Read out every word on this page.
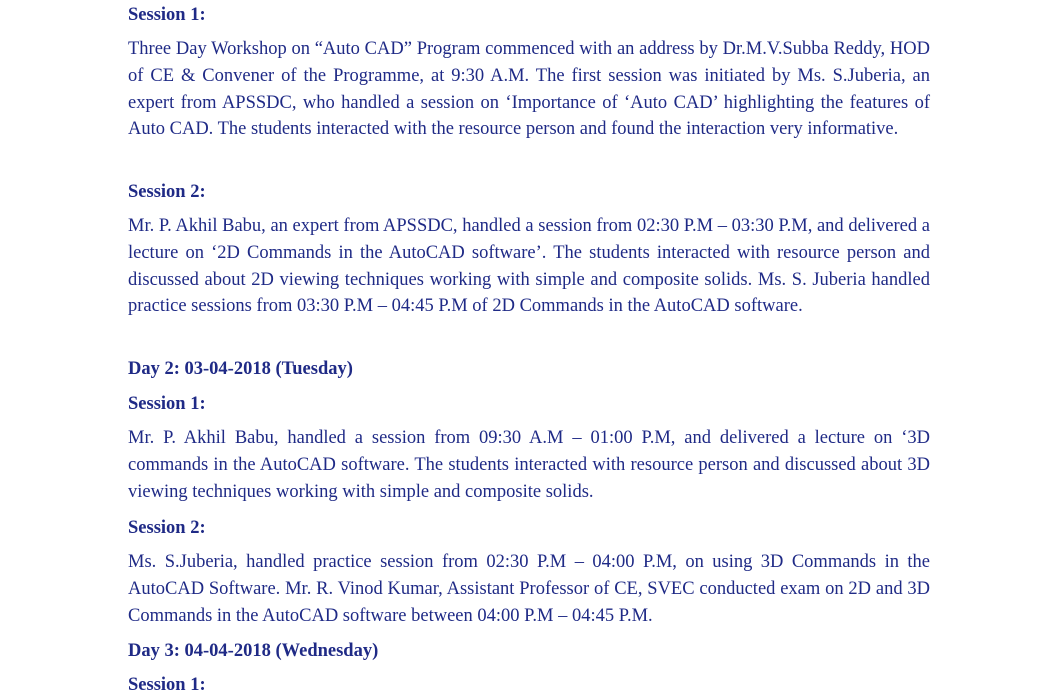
Session 1:
Three Day Workshop on “Auto CAD” Program commenced with an address by Dr.M.V.Subba Reddy, HOD of CE & Convener of the Programme, at 9:30 A.M. The first session was initiated by Ms. S.Juberia, an expert from APSSDC, who handled a session on ‘Importance of ‘Auto CAD’ highlighting the features of Auto CAD. The students interacted with the resource person and found the interaction very informative.
Session 2:
Mr. P. Akhil Babu, an expert from APSSDC, handled a session from 02:30 P.M – 03:30 P.M, and delivered a lecture on ‘2D Commands in the AutoCAD software’. The students interacted with resource person and discussed about 2D viewing techniques working with simple and composite solids. Ms. S. Juberia handled practice sessions from 03:30 P.M – 04:45 P.M of 2D Commands in the AutoCAD software.
Day 2: 03-04-2018 (Tuesday)
Session 1:
Mr. P. Akhil Babu, handled a session from 09:30 A.M – 01:00 P.M, and delivered a lecture on ‘3D commands in the AutoCAD software. The students interacted with resource person and discussed about 3D viewing techniques working with simple and composite solids.
Session 2:
Ms. S.Juberia, handled practice session from 02:30 P.M – 04:00 P.M, on using 3D Commands in the AutoCAD Software. Mr. R. Vinod Kumar, Assistant Professor of CE, SVEC conducted exam on 2D and 3D Commands in the AutoCAD software between 04:00 P.M – 04:45 P.M.
Day 3: 04-04-2018 (Wednesday)
Session 1:
